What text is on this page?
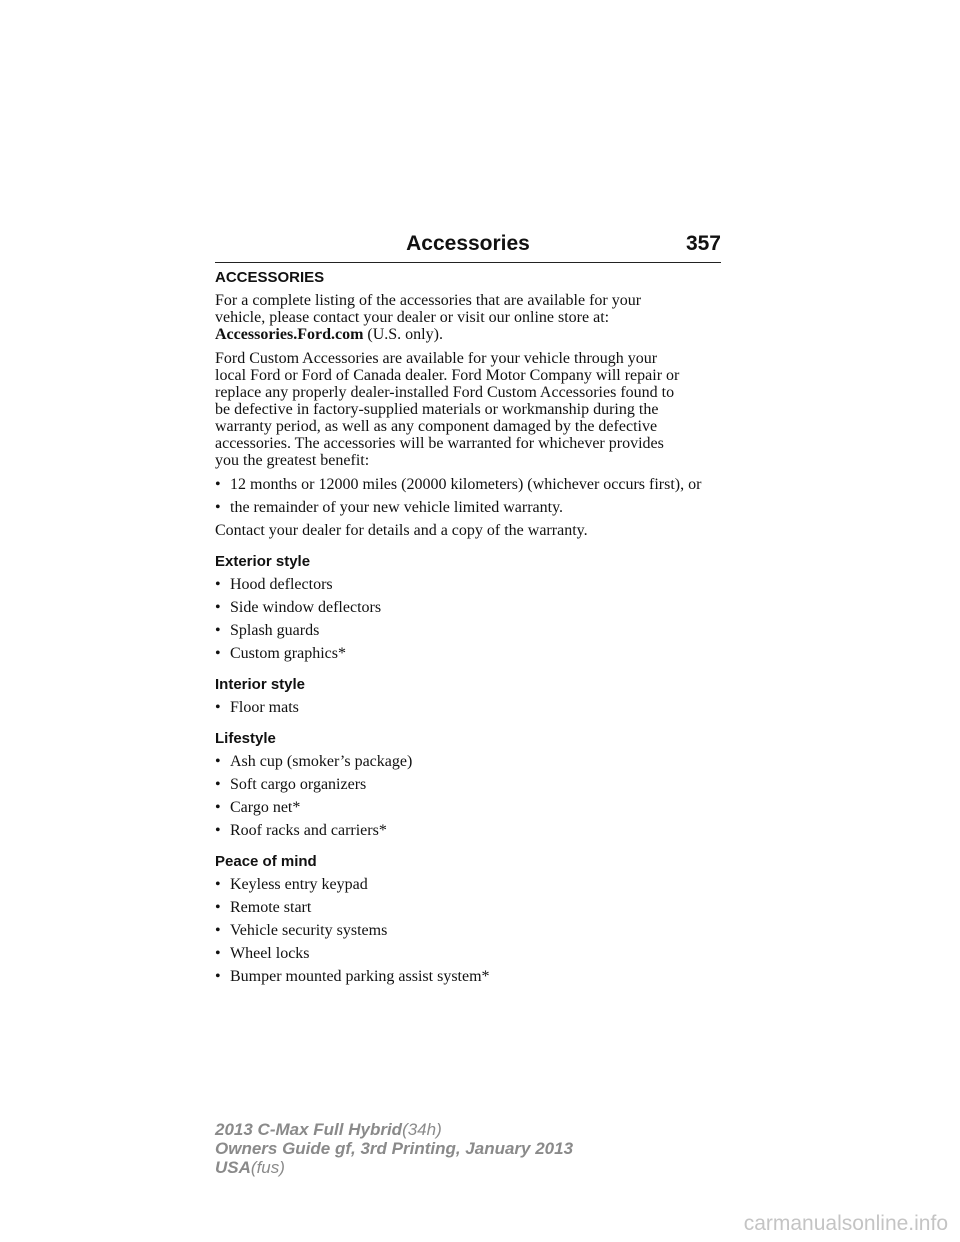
Accessories	357
ACCESSORIES

For a complete listing of the accessories that are available for your
vehicle, please contact your dealer or visit our online store at:
Accessories.Ford.com (U.S. only).

Ford Custom Accessories are available for your vehicle through your
local Ford or Ford of Canada dealer. Ford Motor Company will repair or
replace any properly dealer-installed Ford Custom Accessories found to
be defective in factory-supplied materials or workmanship during the
warranty period, as well as any component damaged by the defective
accessories. The accessories will be warranted for whichever provides
you the greatest benefit:

• 12 months or 12000 miles (20000 kilometers) (whichever occurs first), or
• the remainder of your new vehicle limited warranty.

Contact your dealer for details and a copy of the warranty.

Exterior style
• Hood deflectors
• Side window deflectors
• Splash guards
• Custom graphics*
Interior style
• Floor mats
Lifestyle
• Ash cup (smoker’s package)
• Soft cargo organizers
• Cargo net*
• Roof racks and carriers*
Peace of mind
• Keyless entry keypad
• Remote start
• Vehicle security systems
• Wheel locks
• Bumper mounted parking assist system*
2013 C-Max Full Hybrid(34h)
Owners Guide gf, 3rd Printing, January 2013
USA(fus)
carmanualsonline.info
